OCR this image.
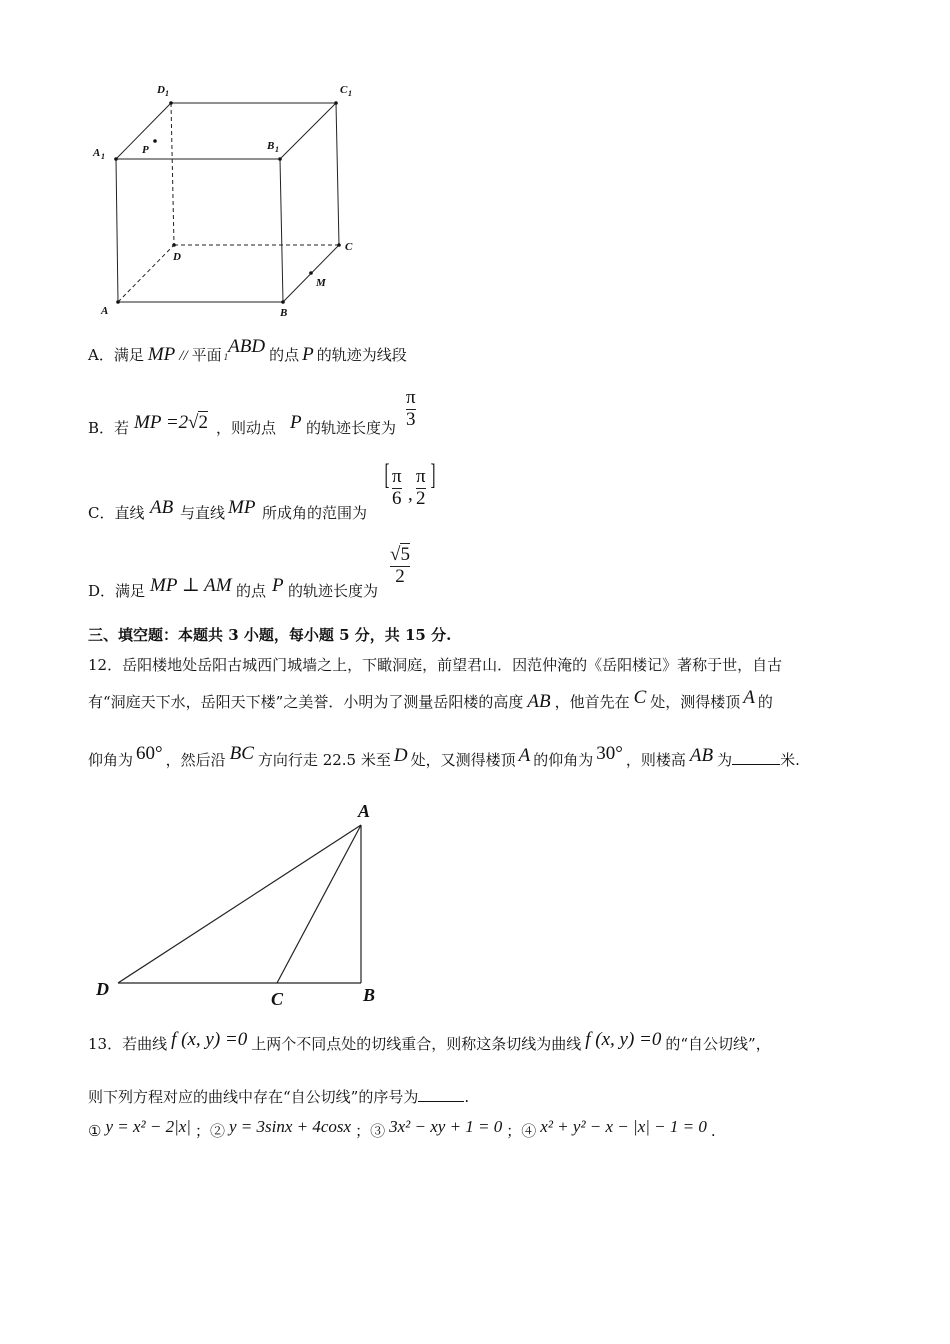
D 1	C 1
A 1
B 1
P
D
C
M
A	B
A．满足 MP // 平面 1ABD 的点 P 的轨迹为线段
B．若 MP =2 √2 ，则动点 P 的轨迹长度为 $\frac{\pi}{3}$
C．直线 AB 与直线 MP 所成角的范围为
[ $\frac{\pi}{6}$ , $\frac{\pi}{2}$ ]
D．满足 MP ⊥ AM 的点 P 的轨迹长度为
$\frac{√5}{2}$
三、填空题：本题共 3 小题，每小题 5 分，共 15 分.
12．岳阳楼地处岳阳古城西门城墙之上，下瞰洞庭，前望君山．因范仲淹的《岳阳楼记》著称于世，自古
有“洞庭天下水，岳阳天下楼”之美誉．小明为了测量岳阳楼的高度 AB ，他首先在 C 处，测得楼顶 A 的
仰角为 60° ，然后沿 BC 方向行走 22.5 米至 D 处，又测得楼顶 A 的仰角为 30° ，则楼高 AB 为	米.
A
D	C	B
13．若曲线 f (x, y) =0 上两个不同点处的切线重合，则称这条切线为曲线 f (x, y) =0 的“自公切线”，
则下列方程对应的曲线中存在“自公切线”的序号为	.
① y = x² − 2|x| ；② y = 3sinx + 4cosx ；③ 3x² − xy + 1 = 0 ；④ x² + y² − x − |x| − 1 = 0 .
